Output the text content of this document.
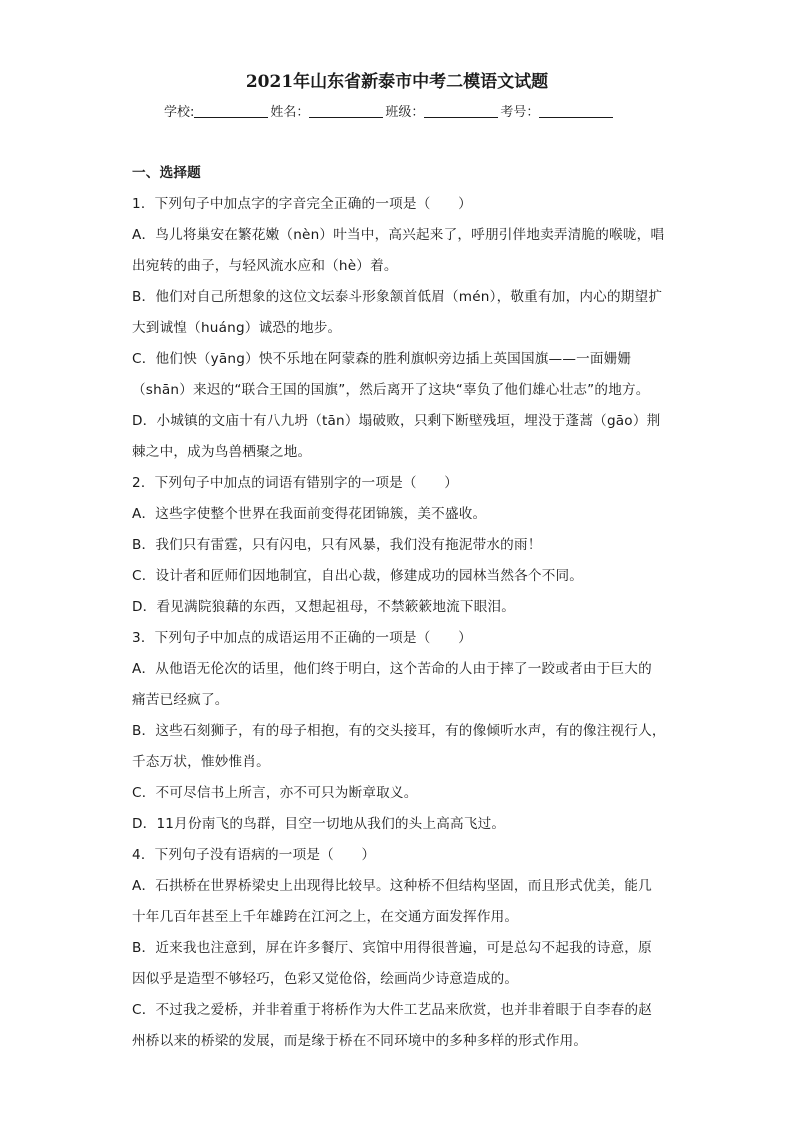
2021年山东省新泰市中考二模语文试题
学校:	姓名：	班级：	考号：

一、选择题

1．下列句子中加点字的字音完全正确的一项是（　　）

A．鸟儿将巢安在繁花嫩（nèn）叶当中，高兴起来了，呼朋引伴地卖弄清脆的喉咙，唱

出宛转的曲子，与轻风流水应和（hè）着。

B．他们对自己所想象的这位文坛泰斗形象颔首低眉（mén），敬重有加，内心的期望扩

大到诚惶（huáng）诚恐的地步。

C．他们怏（yāng）怏不乐地在阿蒙森的胜利旗帜旁边插上英国国旗——一面姗姗

（shān）来迟的“联合王国的国旗”，然后离开了这块“辜负了他们雄心壮志”的地方。

D．小城镇的文庙十有八九坍（tān）塌破败，只剩下断壁残垣，埋没于蓬蒿（gāo）荆

棘之中，成为鸟兽栖聚之地。

2．下列句子中加点的词语有错别字的一项是（　　）

A．这些字使整个世界在我面前变得花团锦簇，美不盛收。

B．我们只有雷霆，只有闪电，只有风暴，我们没有拖泥带水的雨！

C．设计者和匠师们因地制宜，自出心裁，修建成功的园林当然各个不同。

D．看见满院狼藉的东西，又想起祖母，不禁簌簌地流下眼泪。

3．下列句子中加点的成语运用不正确的一项是（　　）

A．从他语无伦次的话里，他们终于明白，这个苦命的人由于摔了一跤或者由于巨大的

痛苦已经疯了。

B．这些石刻狮子，有的母子相抱，有的交头接耳，有的像倾听水声，有的像注视行人，

千态万状，惟妙惟肖。

C．不可尽信书上所言，亦不可只为断章取义。

D．11月份南飞的鸟群，目空一切地从我们的头上高高飞过。

4．下列句子没有语病的一项是（　　）

A．石拱桥在世界桥梁史上出现得比较早。这种桥不但结构坚固，而且形式优美，能几

十年几百年甚至上千年雄跨在江河之上，在交通方面发挥作用。

B．近来我也注意到，屏在许多餐厅、宾馆中用得很普遍，可是总勾不起我的诗意，原

因似乎是造型不够轻巧，色彩又觉伧俗，绘画尚少诗意造成的。

C．不过我之爱桥，并非着重于将桥作为大件工艺品来欣赏，也并非着眼于自李春的赵

州桥以来的桥梁的发展，而是缘于桥在不同环境中的多种多样的形式作用。
